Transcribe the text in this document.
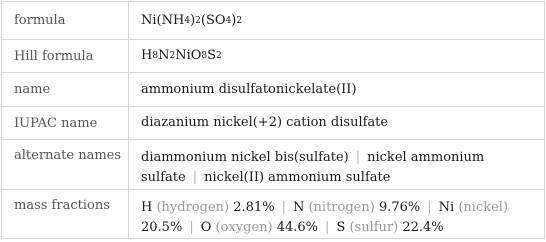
formula	Ni(NH 4 ) 2 (SO 4 ) 2
Hill formula	H 8 N 2 NiO 8 S 2
name	ammonium disulfatonickelate(II)
IUPAC name	diazanium nickel(+2) cation disulfate
alternate names	diammonium nickel bis(sulfate) | nickel ammonium sulfate | nickel(II) ammonium sulfate
mass fractions	H (hydrogen) 2.81% | N (nitrogen) 9.76% | Ni (nickel) 20.5% | O (oxygen) 44.6% | S (sulfur) 22.4%
